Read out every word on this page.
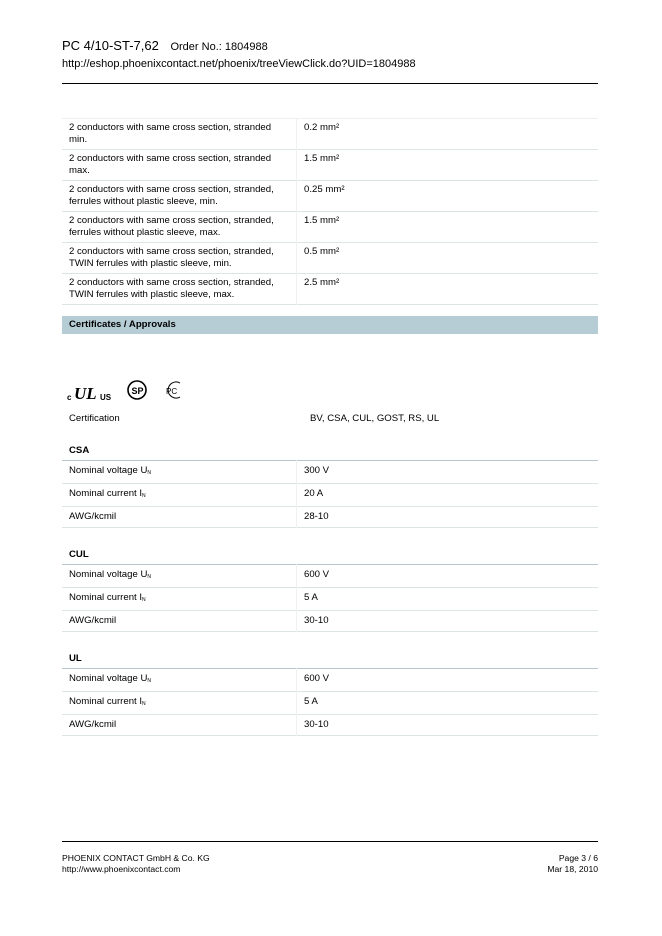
PC 4/10-ST-7,62 Order No.: 1804988
http://eshop.phoenixcontact.net/phoenix/treeViewClick.do?UID=1804988
2 conductors with same cross section, stranded
min.	0.2 mm²
2 conductors with same cross section, stranded
max.	1.5 mm²
2 conductors with same cross section, stranded,
ferrules without plastic sleeve, min.	0.25 mm²
2 conductors with same cross section, stranded,
ferrules without plastic sleeve, max.	1.5 mm²
2 conductors with same cross section, stranded,
TWIN ferrules with plastic sleeve, min.	0.5 mm²
2 conductors with same cross section, stranded,
TWIN ferrules with plastic sleeve, max.	2.5 mm²
Certificates / Approvals
c UL US
SP	PC
Certification	BV, CSA, CUL, GOST, RS, UL
CSA
Nominal voltage $U_N$	300 V
Nominal current $I_N$	20 A
AWG/kcmil	28-10
CUL
Nominal voltage $U_N$	600 V
Nominal current $I_N$	5 A
AWG/kcmil	30-10
UL
Nominal voltage $U_N$	600 V
Nominal current $I_N$	5 A
AWG/kcmil	30-10
PHOENIX CONTACT GmbH & Co. KG
http://www.phoenixcontact.com
Page 3 / 6
Mar 18, 2010
